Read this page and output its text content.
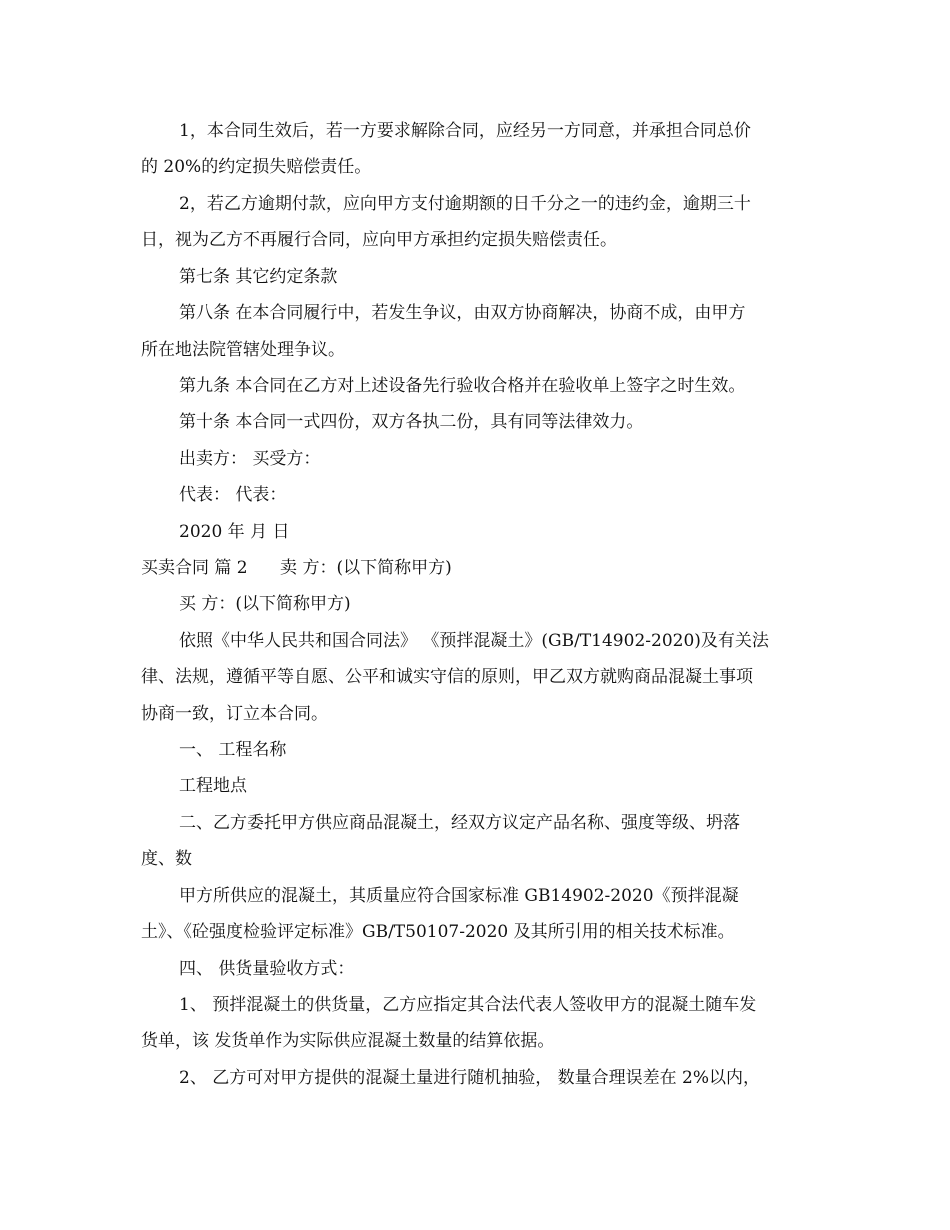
1，本合同生效后，若一方要求解除合同，应经另一方同意，并承担合同总价
的 20%的约定损失赔偿责任。
2，若乙方逾期付款，应向甲方支付逾期额的日千分之一的违约金，逾期三十
日，视为乙方不再履行合同，应向甲方承担约定损失赔偿责任。
第七条 其它约定条款
第八条 在本合同履行中，若发生争议，由双方协商解决，协商不成，由甲方
所在地法院管辖处理争议。
第九条 本合同在乙方对上述设备先行验收合格并在验收单上签字之时生效。
第十条 本合同一式四份，双方各执二份，具有同等法律效力。
出卖方： 买受方：
代表： 代表：
2020 年 月 日
买卖合同 篇 2      卖 方：(以下简称甲方)
买 方：(以下简称甲方)
依照《中华人民共和国合同法》 《预拌混凝土》(GB/T14902-2020)及有关法
律、法规，遵循平等自愿、公平和诚实守信的原则，甲乙双方就购商品混凝土事项
协商一致，订立本合同。
一、 工程名称
工程地点
二、乙方委托甲方供应商品混凝土，经双方议定产品名称、强度等级、坍落
度、数
甲方所供应的混凝土，其质量应符合国家标准 GB14902-2020《预拌混凝
土》、《砼强度检验评定标准》GB/T50107-2020 及其所引用的相关技术标准。
四、 供货量验收方式：
1、 预拌混凝土的供货量，乙方应指定其合法代表人签收甲方的混凝土随车发
货单，该 发货单作为实际供应混凝土数量的结算依据。
2、 乙方可对甲方提供的混凝土量进行随机抽验， 数量合理误差在 2%以内，
